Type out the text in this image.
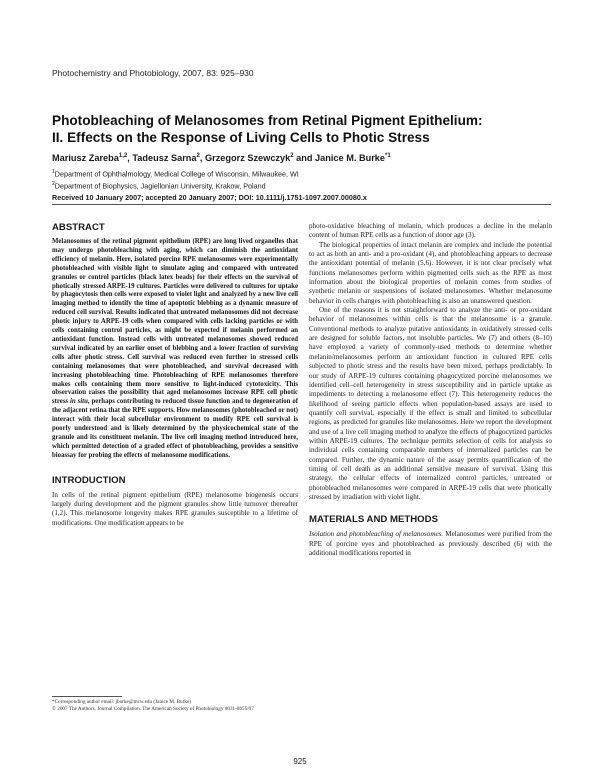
Photochemistry and Photobiology, 2007, 83: 925–930
Photobleaching of Melanosomes from Retinal Pigment Epithelium:
II. Effects on the Response of Living Cells to Photic Stress
Mariusz Zareba$^{1,2}$, Tadeusz Sarna$^2$, Grzegorz Szewczyk$^2$ and Janice M. Burke$^{*1}$
$^1$Department of Ophthalmology, Medical College of Wisconsin, Milwaukee, WI
$^2$Department of Biophysics, Jagiellonian University, Krakow, Poland
Received 10 January 2007; accepted 20 January 2007; DOI: 10.1111/j.1751-1097.2007.00080.x
ABSTRACT

Melanosomes of the retinal pigment epithelium (RPE) are long lived organelles that may undergo photobleaching with aging, which can diminish the antioxidant efficiency of melanin. Here, isolated porcine RPE melanosomes were experimentally photobleached with visible light to simulate aging and compared with untreated granules or control particles (black latex beads) for their effects on the survival of photically stressed ARPE-19 cultures. Particles were delivered to cultures for uptake by phagocytosis then cells were exposed to violet light and analyzed by a new live cell imaging method to identify the time of apoptotic blebbing as a dynamic measure of reduced cell survival. Results indicated that untreated melanosomes did not decrease photic injury to ARPE-19 cells when compared with cells lacking particles or with cells containing control particles, as might be expected if melanin performed an antioxidant function. Instead cells with untreated melanosomes showed reduced survival indicated by an earlier onset of blebbing and a lower fraction of surviving cells after photic stress. Cell survival was reduced even further in stressed cells containing melanosomes that were photobleached, and survival decreased with increasing photobleaching time. Photobleaching of RPE melanosomes therefore makes cells containing them more sensitive to light-induced cytotoxicity. This observation raises the possibility that aged melanosomes increase RPE cell photic stress in situ, perhaps contributing to reduced tissue function and to degeneration of the adjacent retina that the RPE supports. How melanosomes (photobleached or not) interact with their local subcellular environment to modify RPE cell survival is poorly understood and is likely determined by the physicochemical state of the granule and its constituent melanin. The live cell imaging method introduced here, which permitted detection of a graded effect of photobleaching, provides a sensitive bioassay for probing the effects of melanosome modifications.

INTRODUCTION

In cells of the retinal pigment epithelium (RPE) melanosome biogenesis occurs largely during development and the pigment granules show little turnover thereafter (1,2). This melanosome longevity makes RPE granules susceptible to a lifetime of modifications. One modification appears to be

photo-oxidative bleaching of melanin, which produces a decline in the melanin content of human RPE cells as a function of donor age (3).

The biological properties of intact melanin are complex and include the potential to act as both an anti- and a pro-oxidant (4), and photobleaching appears to decrease the antioxidant potential of melanin (5,6). However, it is not clear precisely what functions melanosomes perform within pigmented cells such as the RPE as most information about the biological properties of melanin comes from studies of synthetic melanin or suspensions of isolated melanosomes. Whether melanosome behavior in cells changes with photobleaching is also an unanswered question.

One of the reasons it is not straightforward to analyze the anti- or pro-oxidant behavior of melanosomes within cells is that the melanosome is a granule. Conventional methods to analyze putative antioxidants in oxidatively stressed cells are designed for soluble factors, not insoluble particles. We (7) and others (8–10) have employed a variety of commonly-used methods to determine whether melanin/melanosomes perform an antioxidant function in cultured RPE cells subjected to photic stress and the results have been mixed, perhaps predictably. In our study of ARPE-19 cultures containing phagocytized porcine melanosomes we identified cell–cell heterogeneity in stress susceptibility and in particle uptake as impediments to detecting a melanosome effect (7). This heterogeneity reduces the likelihood of seeing particle effects when population-based assays are used to quantify cell survival, especially if the effect is small and limited to subcellular regions, as predicted for granules like melanosomes. Here we report the development and use of a live cell imaging method to analyze the effects of phagocytized particles within ARPE-19 cultures. The technique permits selection of cells for analysis so individual cells containing comparable numbers of internalized particles can be compared. Further, the dynamic nature of the assay permits quantification of the timing of cell death as an additional sensitive measure of survival. Using this strategy, the cellular effects of internalized control particles, untreated or photobleached melanosomes were compared in ARPE-19 cells that were photically stressed by irradiation with violet light.

MATERIALS AND METHODS

Isolation and photobleaching of melanosomes. Melanosomes were purified from the RPE of porcine eyes and photobleached as previously described (6) with the additional modifications reported in

*Corresponding author email: jburke@mcw.edu (Janice M. Burke)
© 2007 The Authors. Journal Compilation. The American Society of Photobiology 0031-8655/07
925
